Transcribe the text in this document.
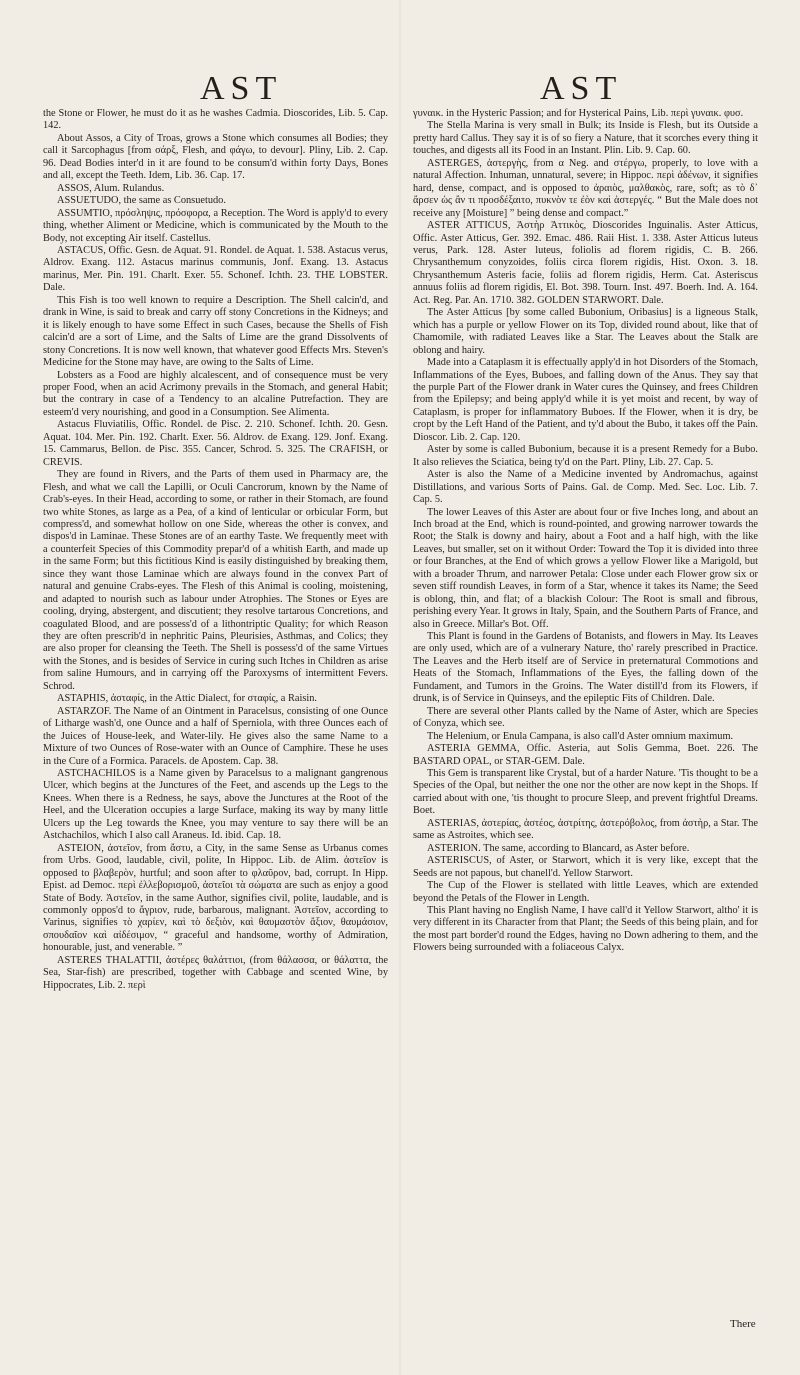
AST	AST

the Stone or Flower, he must do it as he washes Cadmia. Dioscorides, Lib. 5. Cap. 142.

About Assos, a City of Troas, grows a Stone which consumes all Bodies; they call it Sarcophagus [from σάρξ, Flesh, and φάγω, to devour]. Pliny, Lib. 2. Cap. 96. Dead Bodies inter'd in it are found to be consum'd within forty Days, Bones and all, except the Teeth. Idem, Lib. 36. Cap. 17.

ASSOS, Alum. Rulandus.

ASSUETUDO, the same as Consuetudo.

ASSUMTIO, πρόσληψις, πρόσφορα, a Reception. The Word is apply'd to every thing, whether Aliment or Medicine, which is communicated by the Mouth to the Body, not excepting Air itself. Castellus.

ASTACUS, Offic. Gesn. de Aquat. 91. Rondel. de Aquat. 1. 538. Astacus verus, Aldrov. Exang. 112. Astacus marinus communis, Jonf. Exang. 13. Astacus marinus, Mer. Pin. 191. Charlt. Exer. 55. Schonef. Ichth. 23. THE LOBSTER. Dale.

This Fish is too well known to require a Description. The Shell calcin'd, and drank in Wine, is said to break and carry off stony Concretions in the Kidneys; and it is likely enough to have some Effect in such Cases, because the Shells of Fish calcin'd are a sort of Lime, and the Salts of Lime are the grand Dissolvents of stony Concretions. It is now well known, that whatever good Effects Mrs. Steven's Medicine for the Stone may have, are owing to the Salts of Lime.

Lobsters as a Food are highly alcalescent, and of consequence must be very proper Food, when an acid Acrimony prevails in the Stomach, and general Habit; but the contrary in case of a Tendency to an alcaline Putrefaction. They are esteem'd very nourishing, and good in a Consumption. See Alimenta.

Astacus Fluviatilis, Offic. Rondel. de Pisc. 2. 210. Schonef. Ichth. 20. Gesn. Aquat. 104. Mer. Pin. 192. Charlt. Exer. 56. Aldrov. de Exang. 129. Jonf. Exang. 15. Cammarus, Bellon. de Pisc. 355. Cancer, Schrod. 5. 325. The CRAFISH, or CREVIS.

They are found in Rivers, and the Parts of them used in Pharmacy are, the Flesh, and what we call the Lapilli, or Oculi Cancrorum, known by the Name of Crab's-eyes. In their Head, according to some, or rather in their Stomach, are found two white Stones, as large as a Pea, of a kind of lenticular or orbicular Form, but compress'd, and somewhat hollow on one Side, whereas the other is convex, and dispos'd in Laminae. These Stones are of an earthy Taste. We frequently meet with a counterfeit Species of this Commodity prepar'd of a whitish Earth, and made up in the same Form; but this fictitious Kind is easily distinguished by breaking them, since they want those Laminae which are always found in the convex Part of natural and genuine Crabs-eyes. The Flesh of this Animal is cooling, moistening, and adapted to nourish such as labour under Atrophies. The Stones or Eyes are cooling, drying, abstergent, and discutient; they resolve tartarous Concretions, and coagulated Blood, and are possess'd of a lithontriptic Quality; for which Reason they are often prescrib'd in nephritic Pains, Pleurisies, Asthmas, and Colics; they are also proper for cleansing the Teeth. The Shell is possess'd of the same Virtues with the Stones, and is besides of Service in curing such Itches in Children as arise from saline Humours, and in carrying off the Paroxysms of intermittent Fevers. Schrod.

ASTAPHIS, ἀσταφίς, in the Attic Dialect, for σταφίς, a Raisin.

ASTARZOF. The Name of an Ointment in Paracelsus, consisting of one Ounce of Litharge wash'd, one Ounce and a half of Sperniola, with three Ounces each of the Juices of House-leek, and Water-lily. He gives also the same Name to a Mixture of two Ounces of Rose-water with an Ounce of Camphire. These he uses in the Cure of a Formica. Paracels. de Apostem. Cap. 38.

ASTCHACHILOS is a Name given by Paracelsus to a malignant gangrenous Ulcer, which begins at the Junctures of the Feet, and ascends up the Legs to the Knees. When there is a Redness, he says, above the Junctures at the Root of the Heel, and the Ulceration occupies a large Surface, making its way by many little Ulcers up the Leg towards the Knee, you may venture to say there will be an Astchachilos, which I also call Araneus. Id. ibid. Cap. 18.

ASTEION, ἀστεῖον, from ἄστυ, a City, in the same Sense as Urbanus comes from Urbs. Good, laudable, civil, polite, In Hippoc. Lib. de Alim. ἀστεῖον is opposed to βλαβερὸν, hurtful; and soon after to φλαῦρον, bad, corrupt. In Hipp. Epist. ad Democ. περὶ ἐλλεβορισμοῦ, ἀστεῖοι τὰ σώματα are such as enjoy a good State of Body. Ἀστεῖον, in the same Author, signifies civil, polite, laudable, and is commonly oppos'd to ἄγριον, rude, barbarous, malignant. Ἀστεῖον, according to Varinus, signifies τὸ χαρίεν, καὶ τὸ δεξιὸν, καὶ θαυμαστὸν ἄξιον, θαυμάσιον, σπουδαῖον καὶ αἰδέσιμον, “ graceful and handsome, worthy of Admiration, honourable, just, and venerable. ”

ASTERES THALATTII, ἀστέρες θαλάττιοι, (from θάλασσα, or θάλαττα, the Sea, Star-fish) are prescribed, together with Cabbage and scented Wine, by Hippocrates, Lib. 2. περὶ

γυναικ. in the Hysteric Passion; and for Hysterical Pains, Lib. περὶ γυναικ. φυσ.

The Stella Marina is very small in Bulk; its Inside is Flesh, but its Outside a pretty hard Callus. They say it is of so fiery a Nature, that it scorches every thing it touches, and digests all its Food in an Instant. Plin. Lib. 9. Cap. 60.

ASTERGES, ἀστεργὴς, from α Neg. and στέργω, properly, to love with a natural Affection. Inhuman, unnatural, severe; in Hippoc. περὶ ἀδένων, it signifies hard, dense, compact, and is opposed to ἀραιὸς, μαλθακὸς, rare, soft; as τὸ δ᾽ ἄρσεν ὡς ἂν τι προσδέξαιτο, πυκνὸν τε ἐὸν καὶ ἀστεργές. “ But the Male does not receive any [Moisture] ” being dense and compact.”

ASTER ATTICUS, Ἀστὴρ Ἀττικὸς, Dioscorides Inguinalis. Aster Atticus, Offic. Aster Atticus, Ger. 392. Emac. 486. Raii Hist. 1. 338. Aster Atticus luteus verus, Park. 128. Aster luteus, foliolis ad florem rigidis, C. B. 266. Chrysanthemum conyzoides, foliis circa florem rigidis, Hist. Oxon. 3. 18. Chrysanthemum Asteris facie, foliis ad florem rigidis, Herm. Cat. Asteriscus annuus foliis ad florem rigidis, El. Bot. 398. Tourn. Inst. 497. Boerh. Ind. A. 164. Act. Reg. Par. An. 1710. 382. GOLDEN STARWORT. Dale.

The Aster Atticus [by some called Bubonium, Oribasius] is a ligneous Stalk, which has a purple or yellow Flower on its Top, divided round about, like that of Chamomile, with radiated Leaves like a Star. The Leaves about the Stalk are oblong and hairy.

Made into a Cataplasm it is effectually apply'd in hot Disorders of the Stomach, Inflammations of the Eyes, Buboes, and falling down of the Anus. They say that the purple Part of the Flower drank in Water cures the Quinsey, and frees Children from the Epilepsy; and being apply'd while it is yet moist and recent, by way of Cataplasm, is proper for inflammatory Buboes. If the Flower, when it is dry, be cropt by the Left Hand of the Patient, and ty'd about the Bubo, it takes off the Pain. Dioscor. Lib. 2. Cap. 120.

Aster by some is called Bubonium, because it is a present Remedy for a Bubo. It also relieves the Sciatica, being ty'd on the Part. Pliny, Lib. 27. Cap. 5.

Aster is also the Name of a Medicine invented by Andromachus, against Distillations, and various Sorts of Pains. Gal. de Comp. Med. Sec. Loc. Lib. 7. Cap. 5.

The lower Leaves of this Aster are about four or five Inches long, and about an Inch broad at the End, which is round-pointed, and growing narrower towards the Root; the Stalk is downy and hairy, about a Foot and a half high, with the like Leaves, but smaller, set on it without Order: Toward the Top it is divided into three or four Branches, at the End of which grows a yellow Flower like a Marigold, but with a broader Thrum, and narrower Petala: Close under each Flower grow six or seven stiff roundish Leaves, in form of a Star, whence it takes its Name; the Seed is oblong, thin, and flat; of a blackish Colour: The Root is small and fibrous, perishing every Year. It grows in Italy, Spain, and the Southern Parts of France, and also in Greece. Millar's Bot. Off.

This Plant is found in the Gardens of Botanists, and flowers in May. Its Leaves are only used, which are of a vulnerary Nature, tho' rarely prescribed in Practice. The Leaves and the Herb itself are of Service in preternatural Commotions and Heats of the Stomach, Inflammations of the Eyes, the falling down of the Fundament, and Tumors in the Groins. The Water distill'd from its Flowers, if drunk, is of Service in Quinseys, and the epileptic Fits of Children. Dale.

There are several other Plants called by the Name of Aster, which are Species of Conyza, which see.

The Helenium, or Enula Campana, is also call'd Aster omnium maximum.

ASTERIA GEMMA, Offic. Asteria, aut Solis Gemma, Boet. 226. The BASTARD OPAL, or STAR-GEM. Dale.

This Gem is transparent like Crystal, but of a harder Nature. 'Tis thought to be a Species of the Opal, but neither the one nor the other are now kept in the Shops. If carried about with one, 'tis thought to procure Sleep, and prevent frightful Dreams. Boet.

ASTERIAS, ἀστερίας, ἀστέος, ἀστρίτης, ἀστερόβολος, from ἀστὴρ, a Star. The same as Astroites, which see.

ASTERION. The same, according to Blancard, as Aster before.

ASTERISCUS, of Aster, or Starwort, which it is very like, except that the Seeds are not papous, but chanell'd. Yellow Starwort.

The Cup of the Flower is stellated with little Leaves, which are extended beyond the Petals of the Flower in Length.

This Plant having no English Name, I have call'd it Yellow Starwort, altho' it is very different in its Character from that Plant; the Seeds of this being plain, and for the most part border'd round the Edges, having no Down adhering to them, and the Flowers being surrounded with a foliaceous Calyx.

There
